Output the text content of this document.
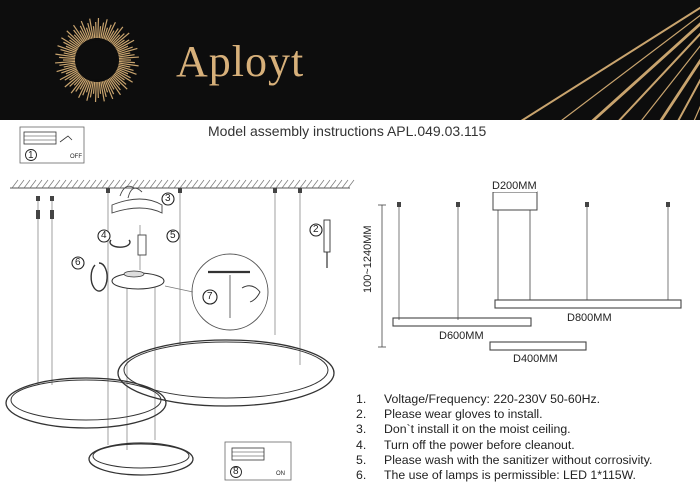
Aployt
Model assembly instructions APL.049.03.115
1	OFF
3
4	5
6
7
2
8	ON
D200MM
100~1240MM
D800MM
D600MM
D400MM
1. Voltage/Frequency: 220-230V 50-60Hz.
2. Please wear gloves to install.
3. Don`t install it on the moist ceiling.
4. Turn off the power before cleanout.
5. Please wash with the sanitizer without corrosivity.
6. The use of lamps is permissible: LED 1*115W.
